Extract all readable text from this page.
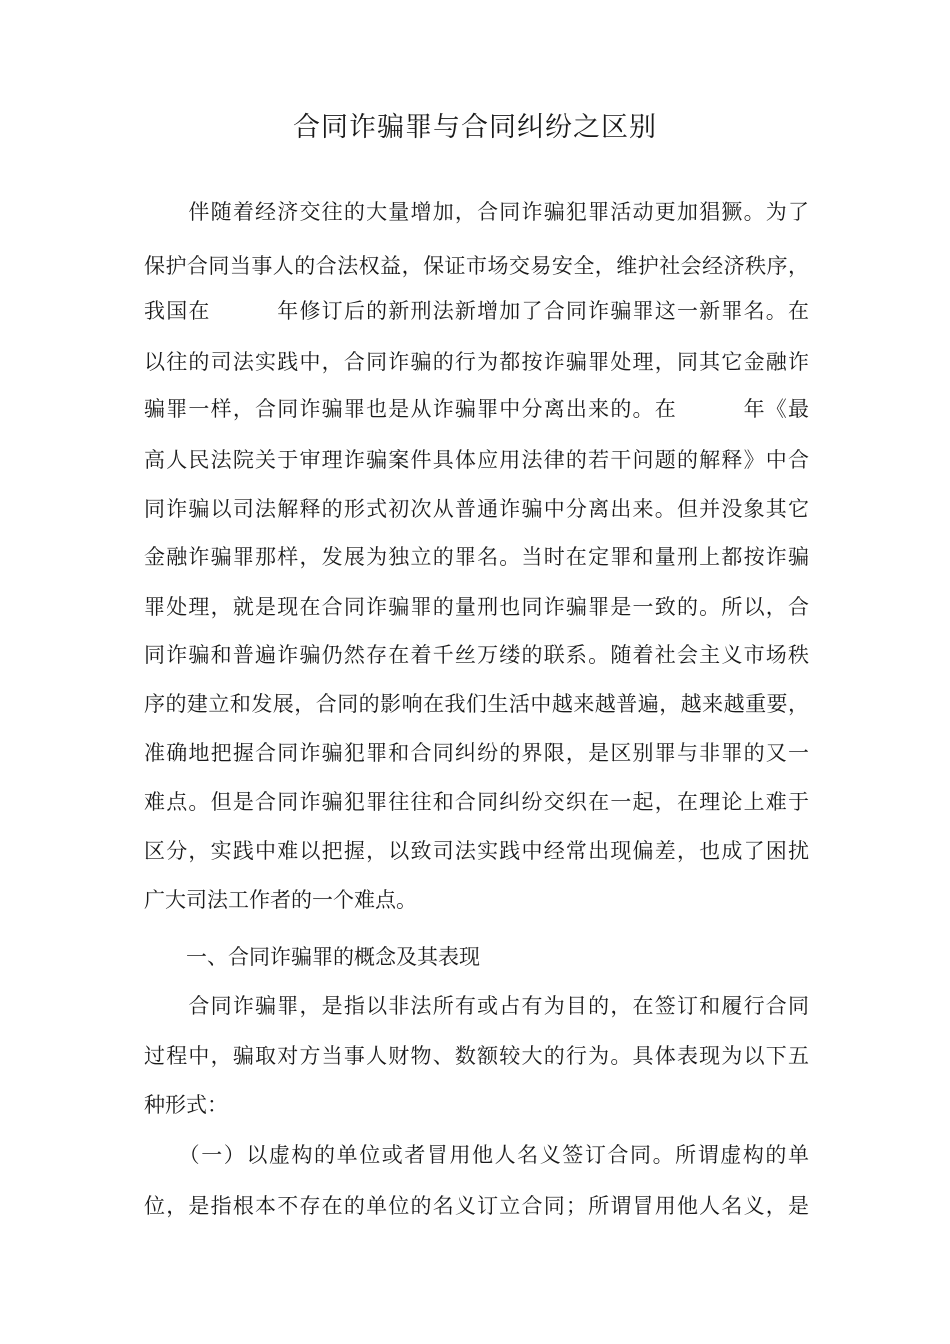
合同诈骗罪与合同纠纷之区别
　　伴随着经济交往的大量增加，合同诈骗犯罪活动更加猖獗。为了
保护合同当事人的合法权益，保证市场交易安全，维护社会经济秩序，
我国在　　　年修订后的新刑法新增加了合同诈骗罪这一新罪名。在
以往的司法实践中，合同诈骗的行为都按诈骗罪处理，同其它金融诈
骗罪一样，合同诈骗罪也是从诈骗罪中分离出来的。在　　　年《最
高人民法院关于审理诈骗案件具体应用法律的若干问题的解释》中合
同诈骗以司法解释的形式初次从普通诈骗中分离出来。但并没象其它
金融诈骗罪那样，发展为独立的罪名。当时在定罪和量刑上都按诈骗
罪处理，就是现在合同诈骗罪的量刑也同诈骗罪是一致的。所以，合
同诈骗和普遍诈骗仍然存在着千丝万缕的联系。随着社会主义市场秩
序的建立和发展，合同的影响在我们生活中越来越普遍，越来越重要，
准确地把握合同诈骗犯罪和合同纠纷的界限，是区别罪与非罪的又一
难点。但是合同诈骗犯罪往往和合同纠纷交织在一起，在理论上难于
区分，实践中难以把握，以致司法实践中经常出现偏差，也成了困扰
广大司法工作者的一个难点。
　　一、合同诈骗罪的概念及其表现
　　合同诈骗罪，是指以非法所有或占有为目的，在签订和履行合同
过程中，骗取对方当事人财物、数额较大的行为。具体表现为以下五
种形式：
　　（一）以虚构的单位或者冒用他人名义签订合同。所谓虚构的单
位，是指根本不存在的单位的名义订立合同；所谓冒用他人名义，是
